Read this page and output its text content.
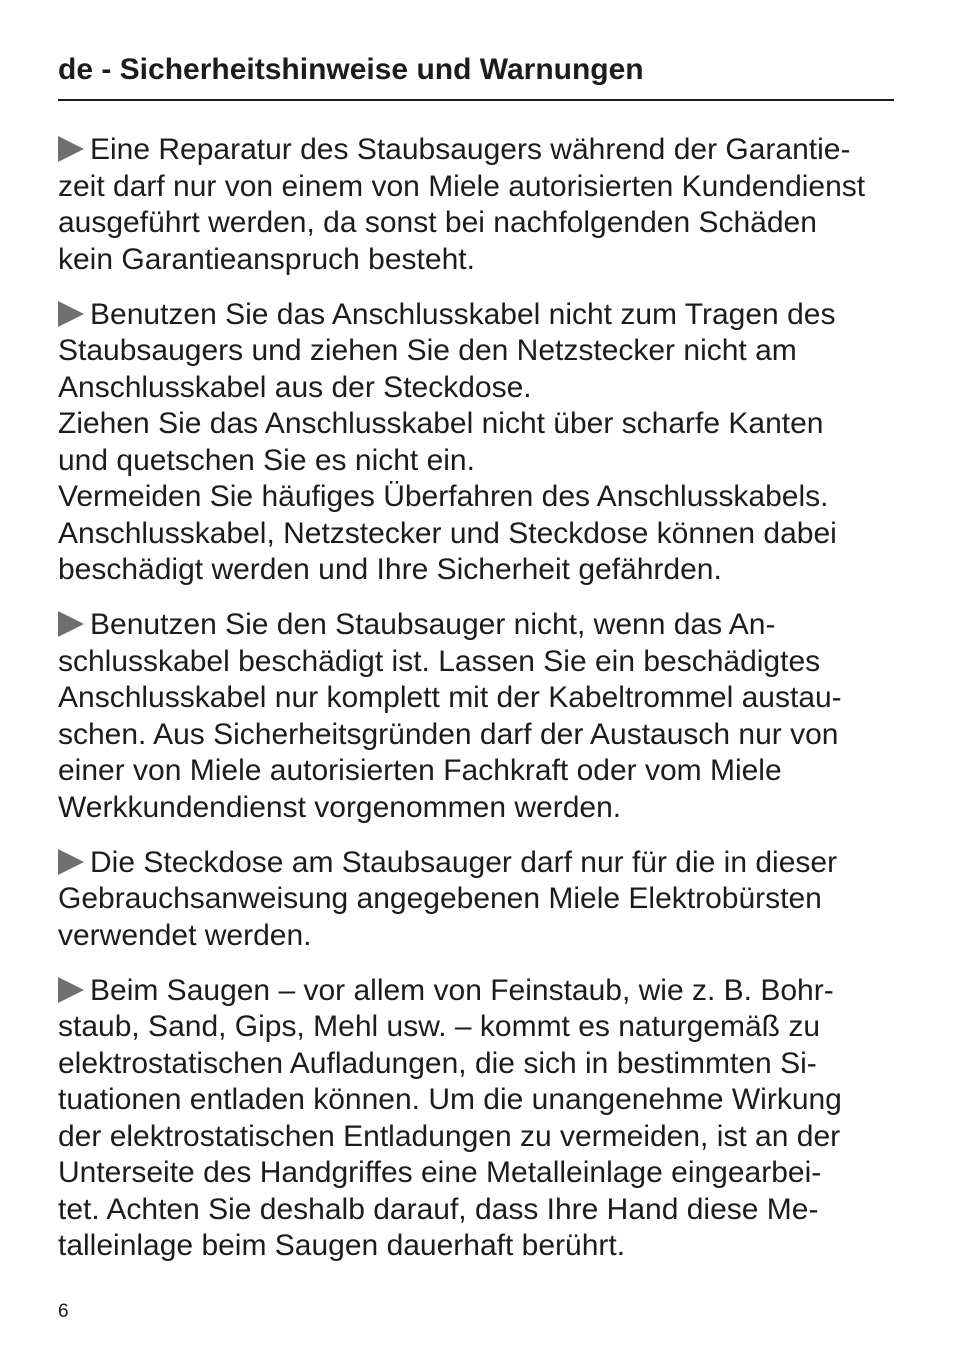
de - Sicherheitshinweise und Warnungen
Eine Reparatur des Staubsaugers während der Garantie-
zeit darf nur von einem von Miele autorisierten Kundendienst
ausgeführt werden, da sonst bei nachfolgenden Schäden
kein Garantieanspruch besteht.
Benutzen Sie das Anschlusskabel nicht zum Tragen des
Staubsaugers und ziehen Sie den Netzstecker nicht am
Anschlusskabel aus der Steckdose.
Ziehen Sie das Anschlusskabel nicht über scharfe Kanten
und quetschen Sie es nicht ein.
Vermeiden Sie häufiges Überfahren des Anschlusskabels.
Anschlusskabel, Netzstecker und Steckdose können dabei
beschädigt werden und Ihre Sicherheit gefährden.
Benutzen Sie den Staubsauger nicht, wenn das An-
schlusskabel beschädigt ist. Lassen Sie ein beschädigtes
Anschlusskabel nur komplett mit der Kabeltrommel austau-
schen. Aus Sicherheitsgründen darf der Austausch nur von
einer von Miele autorisierten Fachkraft oder vom Miele
Werkkundendienst vorgenommen werden.
Die Steckdose am Staubsauger darf nur für die in dieser
Gebrauchsanweisung angegebenen Miele Elektrobürsten
verwendet werden.
Beim Saugen – vor allem von Feinstaub, wie z. B. Bohr-
staub, Sand, Gips, Mehl usw. – kommt es naturgemäß zu
elektrostatischen Aufladungen, die sich in bestimmten Si-
tuationen entladen können. Um die unangenehme Wirkung
der elektrostatischen Entladungen zu vermeiden, ist an der
Unterseite des Handgriffes eine Metalleinlage eingearbei-
tet. Achten Sie deshalb darauf, dass Ihre Hand diese Me-
talleinlage beim Saugen dauerhaft berührt.
6
